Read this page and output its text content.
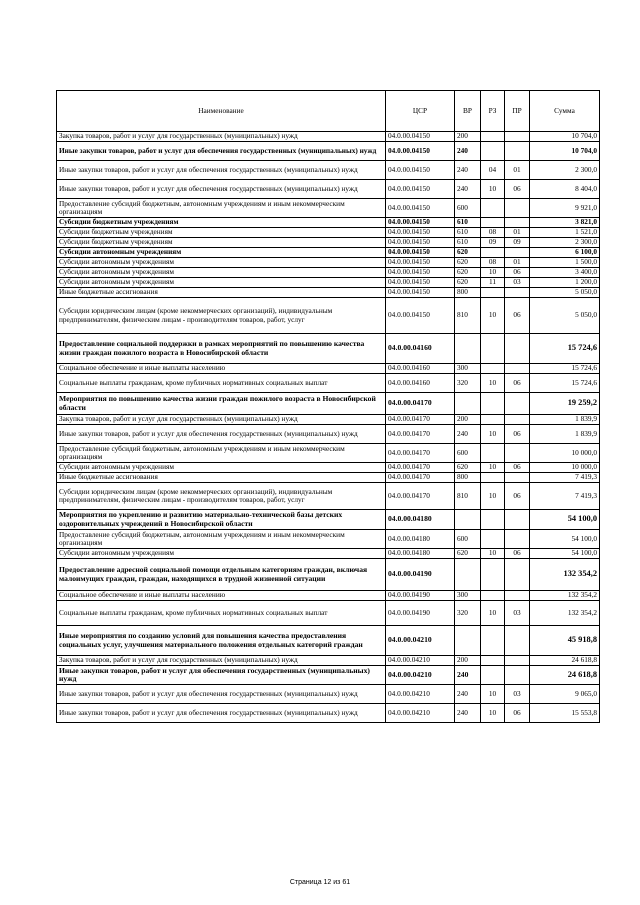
Наименование	ЦСР	ВР	РЗ	ПР	Сумма
Закупка товаров, работ и услуг для государственных (муниципальных) нужд	04.0.00.04150	200			10 704,0
Иные закупки товаров, работ и услуг для обеспечения государственных (муниципальных) нужд	04.0.00.04150	240			10 704,0
Иные закупки товаров, работ и услуг для обеспечения государственных (муниципальных) нужд	04.0.00.04150	240	04	01	2 300,0
Иные закупки товаров, работ и услуг для обеспечения государственных (муниципальных) нужд	04.0.00.04150	240	10	06	8 404,0
Предоставление субсидий бюджетным, автономным учреждениям и иным некоммерческим организациям	04.0.00.04150	600			9 921,0
Субсидии бюджетным учреждениям	04.0.00.04150	610			3 821,0
Субсидии бюджетным учреждениям	04.0.00.04150	610	08	01	1 521,0
Субсидии бюджетным учреждениям	04.0.00.04150	610	09	09	2 300,0
Субсидии автономным учреждениям	04.0.00.04150	620			6 100,0
Субсидии автономным учреждениям	04.0.00.04150	620	08	01	1 500,0
Субсидии автономным учреждениям	04.0.00.04150	620	10	06	3 400,0
Субсидии автономным учреждениям	04.0.00.04150	620	11	03	1 200,0
Иные бюджетные ассигнования	04.0.00.04150	800			5 050,0
Субсидии юридическим лицам (кроме некоммерческих организаций), индивидуальным предпринимателям, физическим лицам - производителям товаров, работ, услуг	04.0.00.04150	810	10	06	5 050,0
Предоставление социальной поддержки в рамках мероприятий по повышению качества жизни граждан пожилого возраста в Новосибирской области	04.0.00.04160				15 724,6
Социальное обеспечение и иные выплаты населению	04.0.00.04160	300			15 724,6
Социальные выплаты гражданам, кроме публичных нормативных социальных выплат	04.0.00.04160	320	10	06	15 724,6
Мероприятия по повышению качества жизни граждан пожилого возраста в Новосибирской области	04.0.00.04170				19 259,2
Закупка товаров, работ и услуг для государственных (муниципальных) нужд	04.0.00.04170	200			1 839,9
Иные закупки товаров, работ и услуг для обеспечения государственных (муниципальных) нужд	04.0.00.04170	240	10	06	1 839,9
Предоставление субсидий бюджетным, автономным учреждениям и иным некоммерческим организациям	04.0.00.04170	600			10 000,0
Субсидии автономным учреждениям	04.0.00.04170	620	10	06	10 000,0
Иные бюджетные ассигнования	04.0.00.04170	800			7 419,3
Субсидии юридическим лицам (кроме некоммерческих организаций), индивидуальным предпринимателям, физическим лицам - производителям товаров, работ, услуг	04.0.00.04170	810	10	06	7 419,3
Мероприятия по укреплению и развитию материально-технической базы детских оздоровительных учреждений в Новосибирской области	04.0.00.04180				54 100,0
Предоставление субсидий бюджетным, автономным учреждениям и иным некоммерческим организациям	04.0.00.04180	600			54 100,0
Субсидии автономным учреждениям	04.0.00.04180	620	10	06	54 100,0
Предоставление адресной социальной помощи отдельным категориям граждан, включая малоимущих граждан, граждан, находящихся в трудной жизненной ситуации	04.0.00.04190				132 354,2
Социальное обеспечение и иные выплаты населению	04.0.00.04190	300			132 354,2
Социальные выплаты гражданам, кроме публичных нормативных социальных выплат	04.0.00.04190	320	10	03	132 354,2
Иные мероприятия по созданию условий для повышения качества предоставления социальных услуг, улучшения материального положения отдельных категорий граждан	04.0.00.04210				45 918,8
Закупка товаров, работ и услуг для государственных (муниципальных) нужд	04.0.00.04210	200			24 618,8
Иные закупки товаров, работ и услуг для обеспечения государственных (муниципальных) нужд	04.0.00.04210	240			24 618,8
Иные закупки товаров, работ и услуг для обеспечения государственных (муниципальных) нужд	04.0.00.04210	240	10	03	9 065,0
Иные закупки товаров, работ и услуг для обеспечения государственных (муниципальных) нужд	04.0.00.04210	240	10	06	15 553,8
Страница 12 из 61
